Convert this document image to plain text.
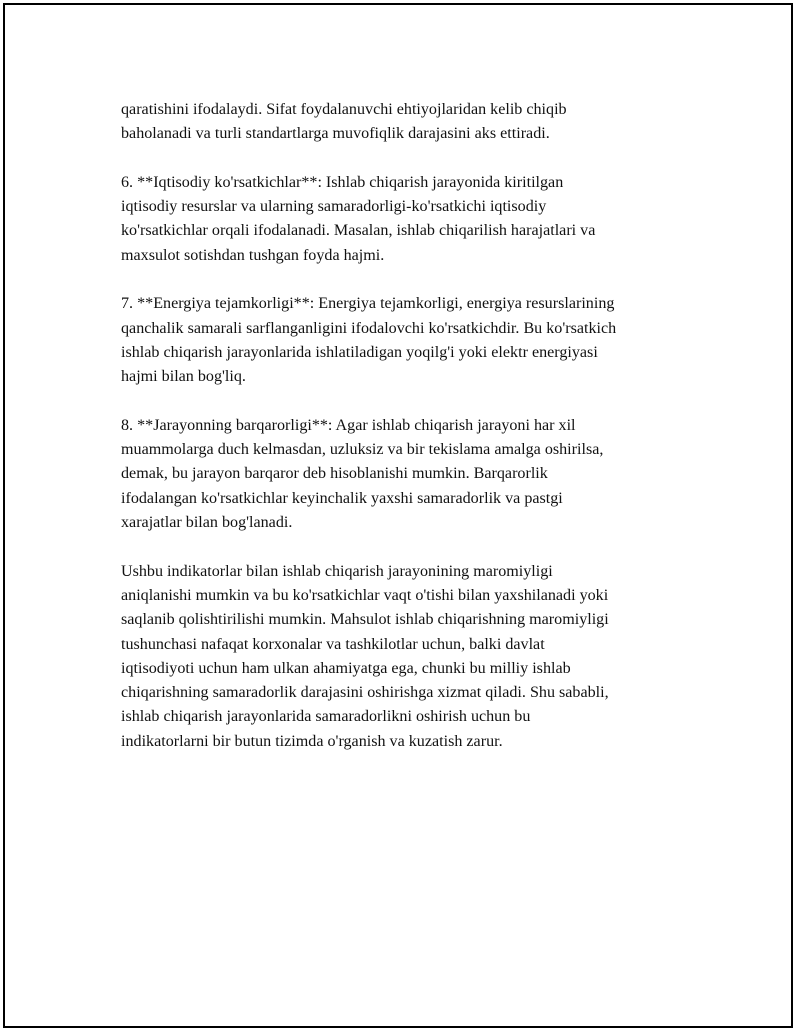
qaratishini ifodalaydi. Sifat foydalanuvchi ehtiyojlaridan kelib chiqib
baholanadi va turli standartlarga muvofiqlik darajasini aks ettiradi.

6. **Iqtisodiy ko'rsatkichlar**: Ishlab chiqarish jarayonida kiritilgan
iqtisodiy resurslar va ularning samaradorligi-ko'rsatkichi iqtisodiy
ko'rsatkichlar orqali ifodalanadi. Masalan, ishlab chiqarilish harajatlari va
maxsulot sotishdan tushgan foyda hajmi.

7. **Energiya tejamkorligi**: Energiya tejamkorligi, energiya resurslarining
qanchalik samarali sarflanganligini ifodalovchi ko'rsatkichdir. Bu ko'rsatkich
ishlab chiqarish jarayonlarida ishlatiladigan yoqilg'i yoki elektr energiyasi
hajmi bilan bog'liq.

8. **Jarayonning barqarorligi**: Agar ishlab chiqarish jarayoni har xil
muammolarga duch kelmasdan, uzluksiz va bir tekislama amalga oshirilsa,
demak, bu jarayon barqaror deb hisoblanishi mumkin. Barqarorlik
ifodalangan ko'rsatkichlar keyinchalik yaxshi samaradorlik va pastgi
xarajatlar bilan bog'lanadi.

Ushbu indikatorlar bilan ishlab chiqarish jarayonining maromiyligi
aniqlanishi mumkin va bu ko'rsatkichlar vaqt o'tishi bilan yaxshilanadi yoki
saqlanib qolishtirilishi mumkin. Mahsulot ishlab chiqarishning maromiyligi
tushunchasi nafaqat korxonalar va tashkilotlar uchun, balki davlat
iqtisodiyoti uchun ham ulkan ahamiyatga ega, chunki bu milliy ishlab
chiqarishning samaradorlik darajasini oshirishga xizmat qiladi. Shu sababli,
ishlab chiqarish jarayonlarida samaradorlikni oshirish uchun bu
indikatorlarni bir butun tizimda o'rganish va kuzatish zarur.
